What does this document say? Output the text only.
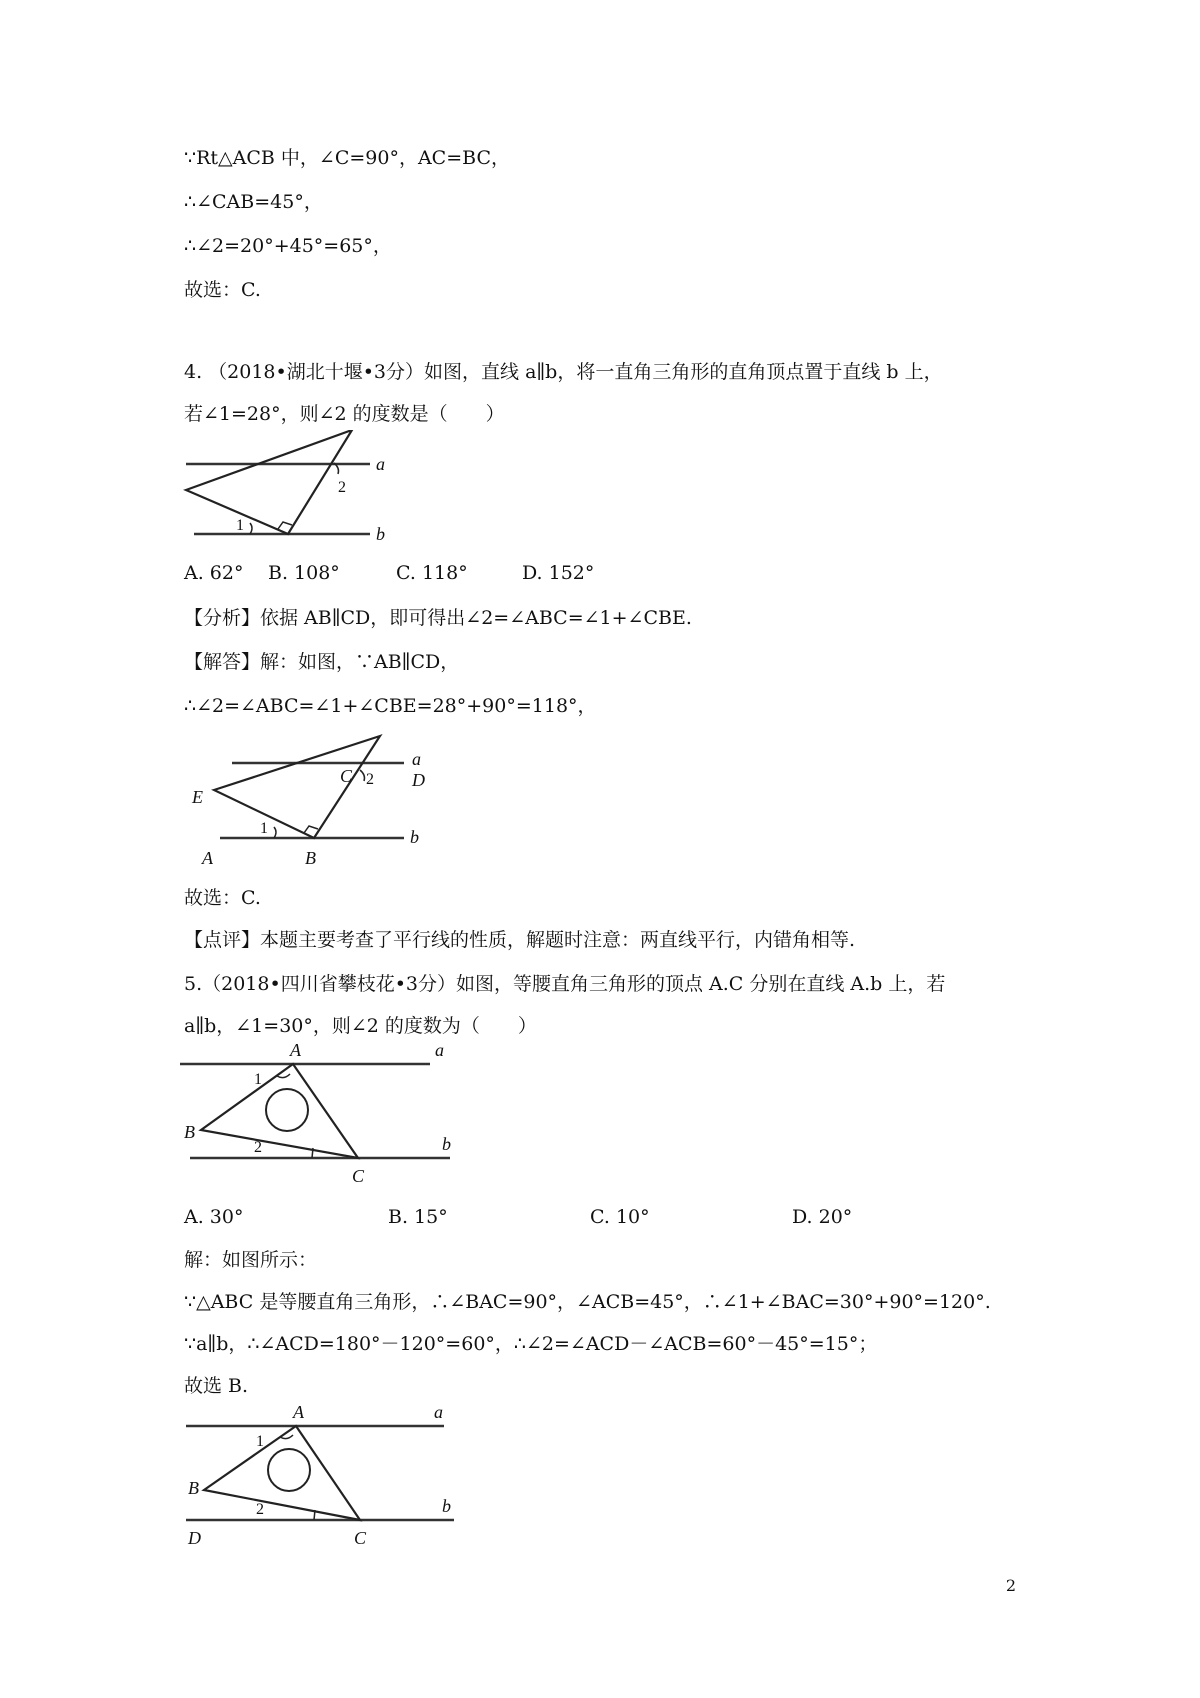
∵Rt△ACB 中，∠C=90°，AC=BC，
∴∠CAB=45°，
∴∠2=20°+45°=65°，
故选：C.
4. （2018•湖北十堰•3分）如图，直线 a∥b，将一直角三角形的直角顶点置于直线 b 上，
若∠1=28°，则∠2 的度数是（　　）
a
b
1
2
A. 62° B. 108°	C. 118°	D. 152°
【分析】依据 AB∥CD，即可得出∠2=∠ABC=∠1+∠CBE.
【解答】解：如图，∵AB∥CD，
∴∠2=∠ABC=∠1+∠CBE=28°+90°=118°，
a
D
b
E
A	B
C 2
1
故选：C.
【点评】本题主要考查了平行线的性质，解题时注意：两直线平行，内错角相等.
5.（2018•四川省攀枝花•3分）如图，等腰直角三角形的顶点 A.C 分别在直线 A.b 上，若
a∥b，∠1=30°，则∠2 的度数为（　　）
A	a
B
C
b
1
2
A. 30°	B. 15°	C. 10°	D. 20°
解：如图所示：
∵△ABC 是等腰直角三角形，∴∠BAC=90°，∠ACB=45°，∴∠1+∠BAC=30°+90°=120°.
∵a∥b，∴∠ACD=180°－120°=60°，∴∠2=∠ACD－∠ACB=60°－45°=15°；
故选 B.
A	a
B
C
D
b
1
2
2
